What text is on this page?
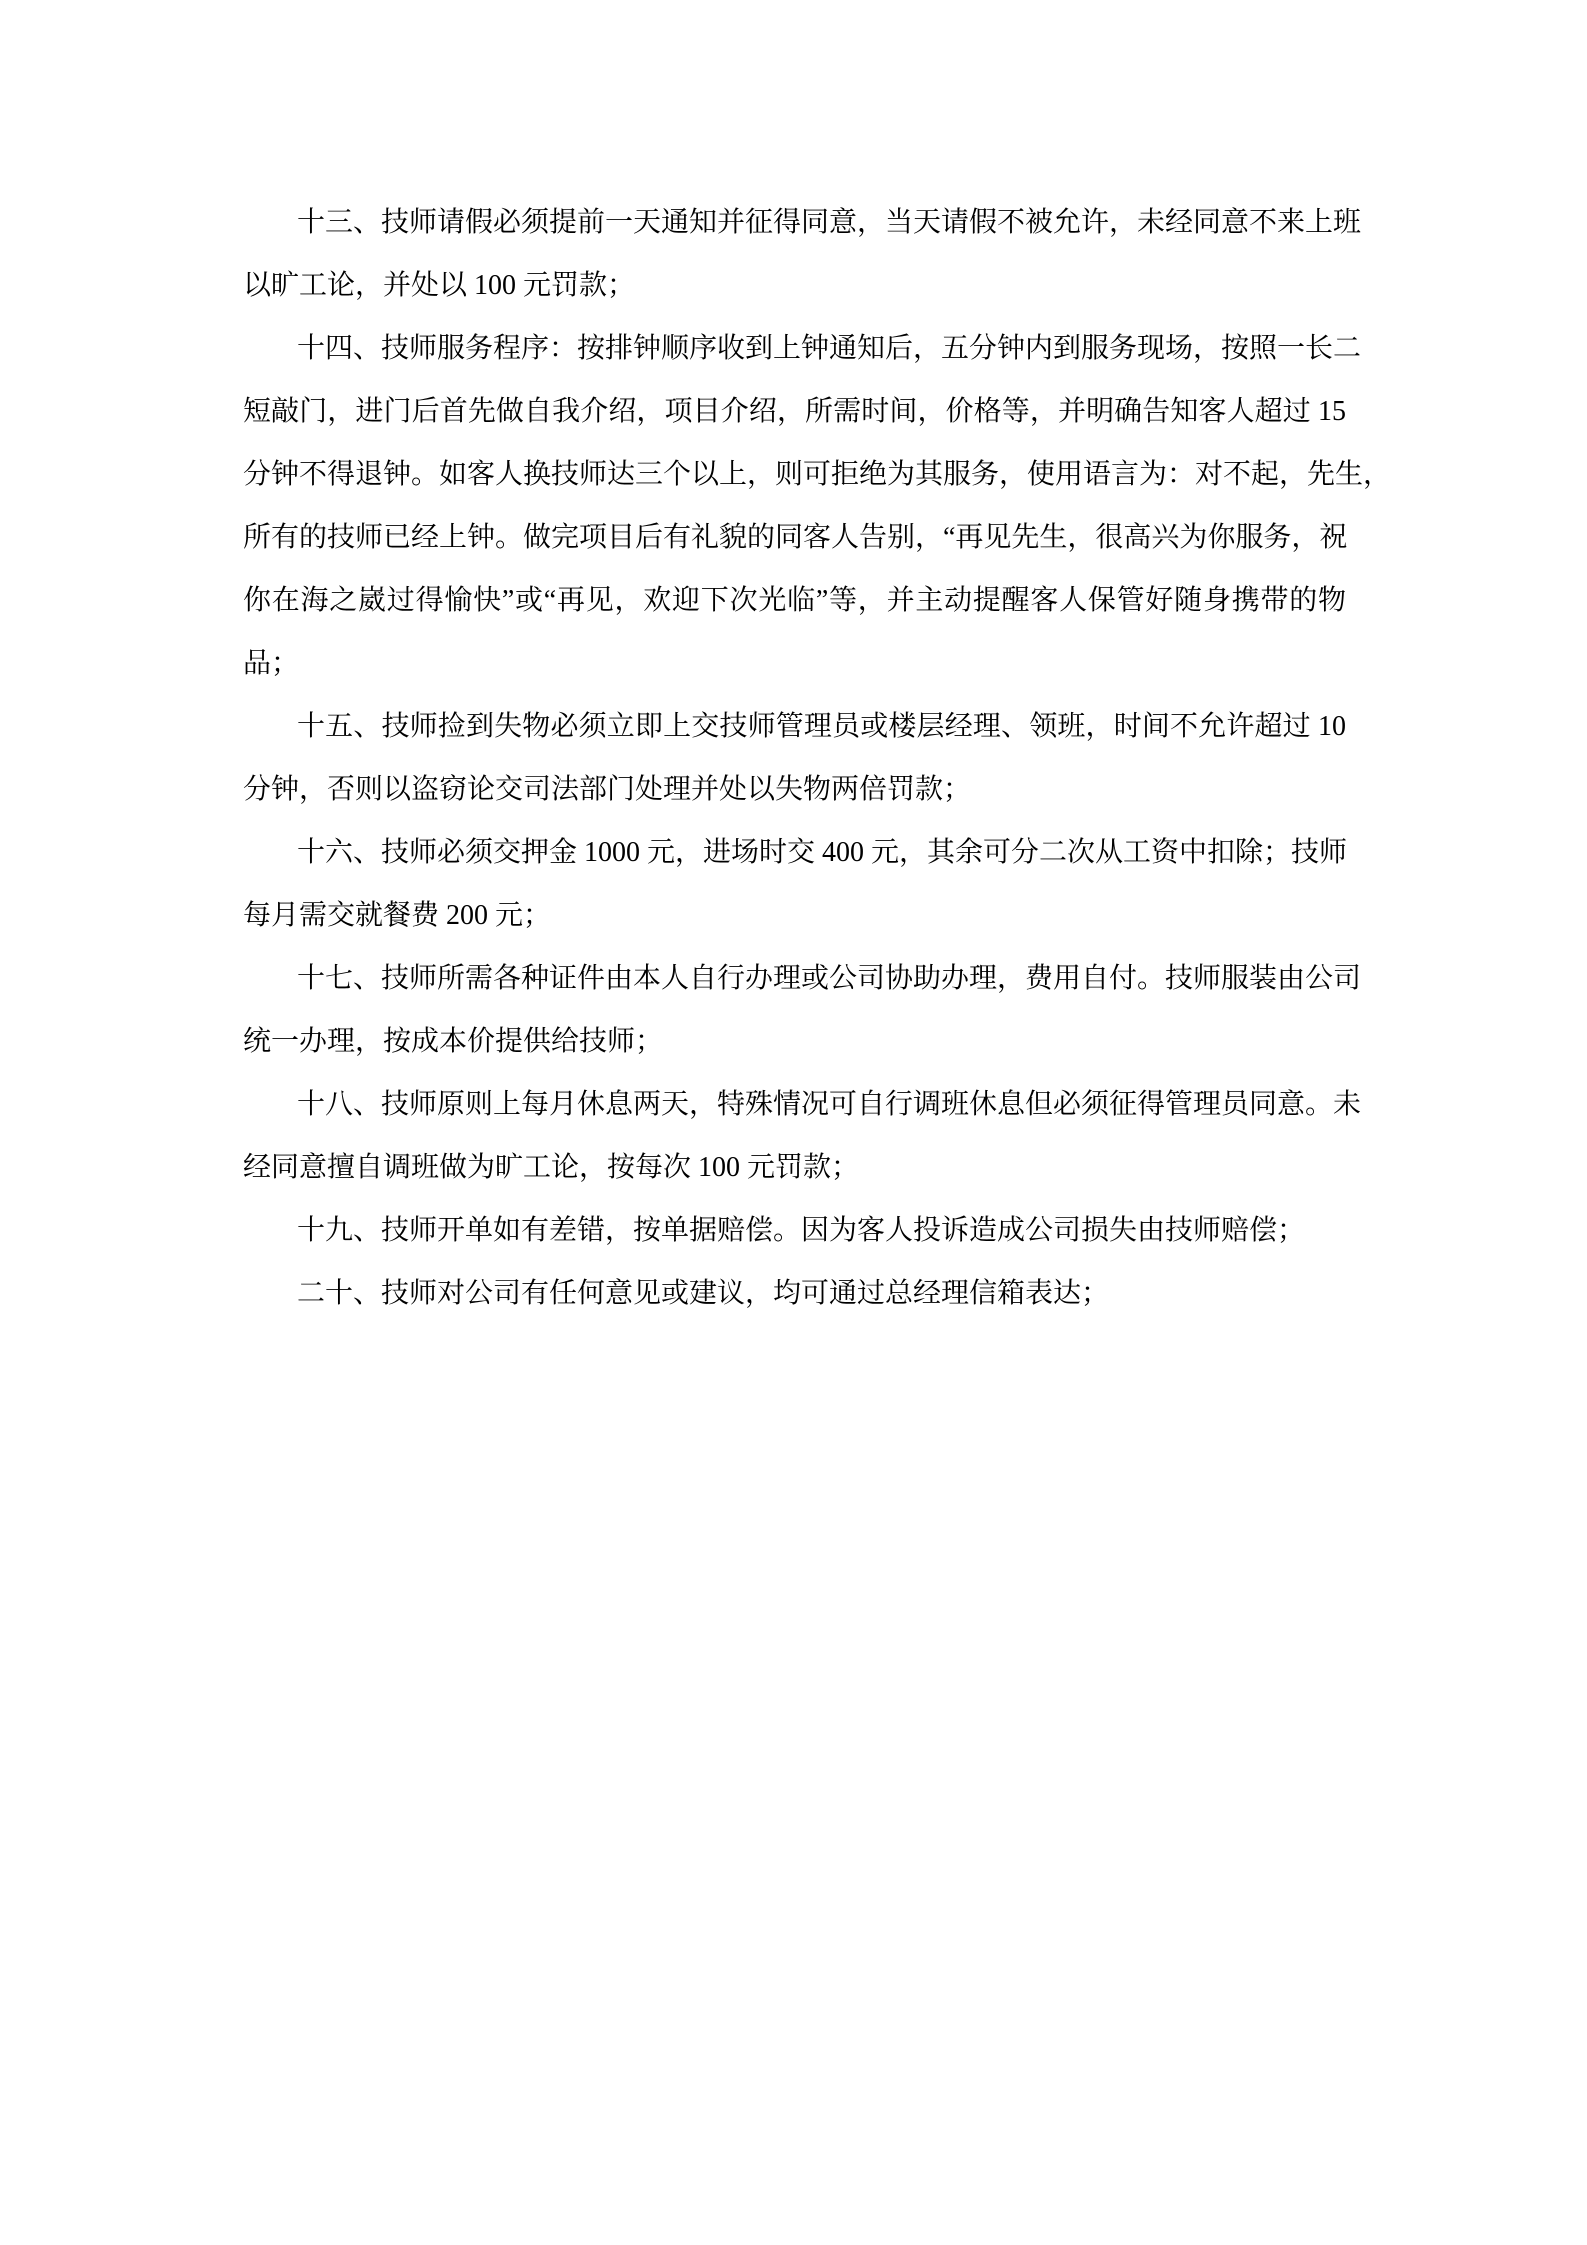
十三、技师请假必须提前一天通知并征得同意，当天请假不被允许，未经同意不来上班
以旷工论，并处以 100 元罚款；
十四、技师服务程序：按排钟顺序收到上钟通知后，五分钟内到服务现场，按照一长二
短敲门，进门后首先做自我介绍，项目介绍，所需时间，价格等，并明确告知客人超过 15
分钟不得退钟。如客人换技师达三个以上，则可拒绝为其服务，使用语言为：对不起，先生，
所有的技师已经上钟。做完项目后有礼貌的同客人告别，“再见先生，很高兴为你服务，祝
你在海之崴过得愉快”或“再见，欢迎下次光临”等，并主动提醒客人保管好随身携带的物
品；
十五、技师捡到失物必须立即上交技师管理员或楼层经理、领班，时间不允许超过 10
分钟，否则以盗窃论交司法部门处理并处以失物两倍罚款；
十六、技师必须交押金 1000 元，进场时交 400 元，其余可分二次从工资中扣除；技师
每月需交就餐费 200 元；
十七、技师所需各种证件由本人自行办理或公司协助办理，费用自付。技师服装由公司
统一办理，按成本价提供给技师；
十八、技师原则上每月休息两天，特殊情况可自行调班休息但必须征得管理员同意。未
经同意擅自调班做为旷工论，按每次 100 元罚款；
十九、技师开单如有差错，按单据赔偿。因为客人投诉造成公司损失由技师赔偿；
二十、技师对公司有任何意见或建议，均可通过总经理信箱表达；
